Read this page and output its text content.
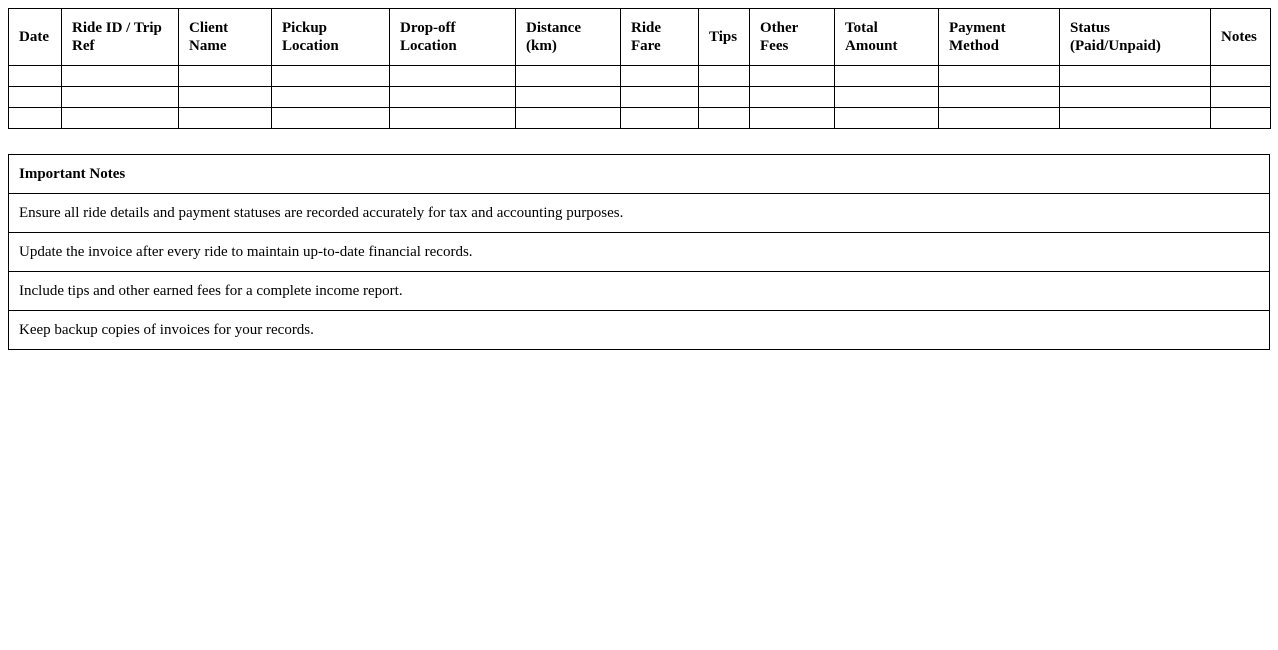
Date	Ride ID / Trip Ref	Client Name	Pickup Location	Drop-off Location	Distance (km)	Ride Fare	Tips	Other Fees	Total Amount	Payment Method	Status (Paid/Unpaid)	Notes

Important Notes
Ensure all ride details and payment statuses are recorded accurately for tax and accounting purposes.
Update the invoice after every ride to maintain up-to-date financial records.
Include tips and other earned fees for a complete income report.
Keep backup copies of invoices for your records.
